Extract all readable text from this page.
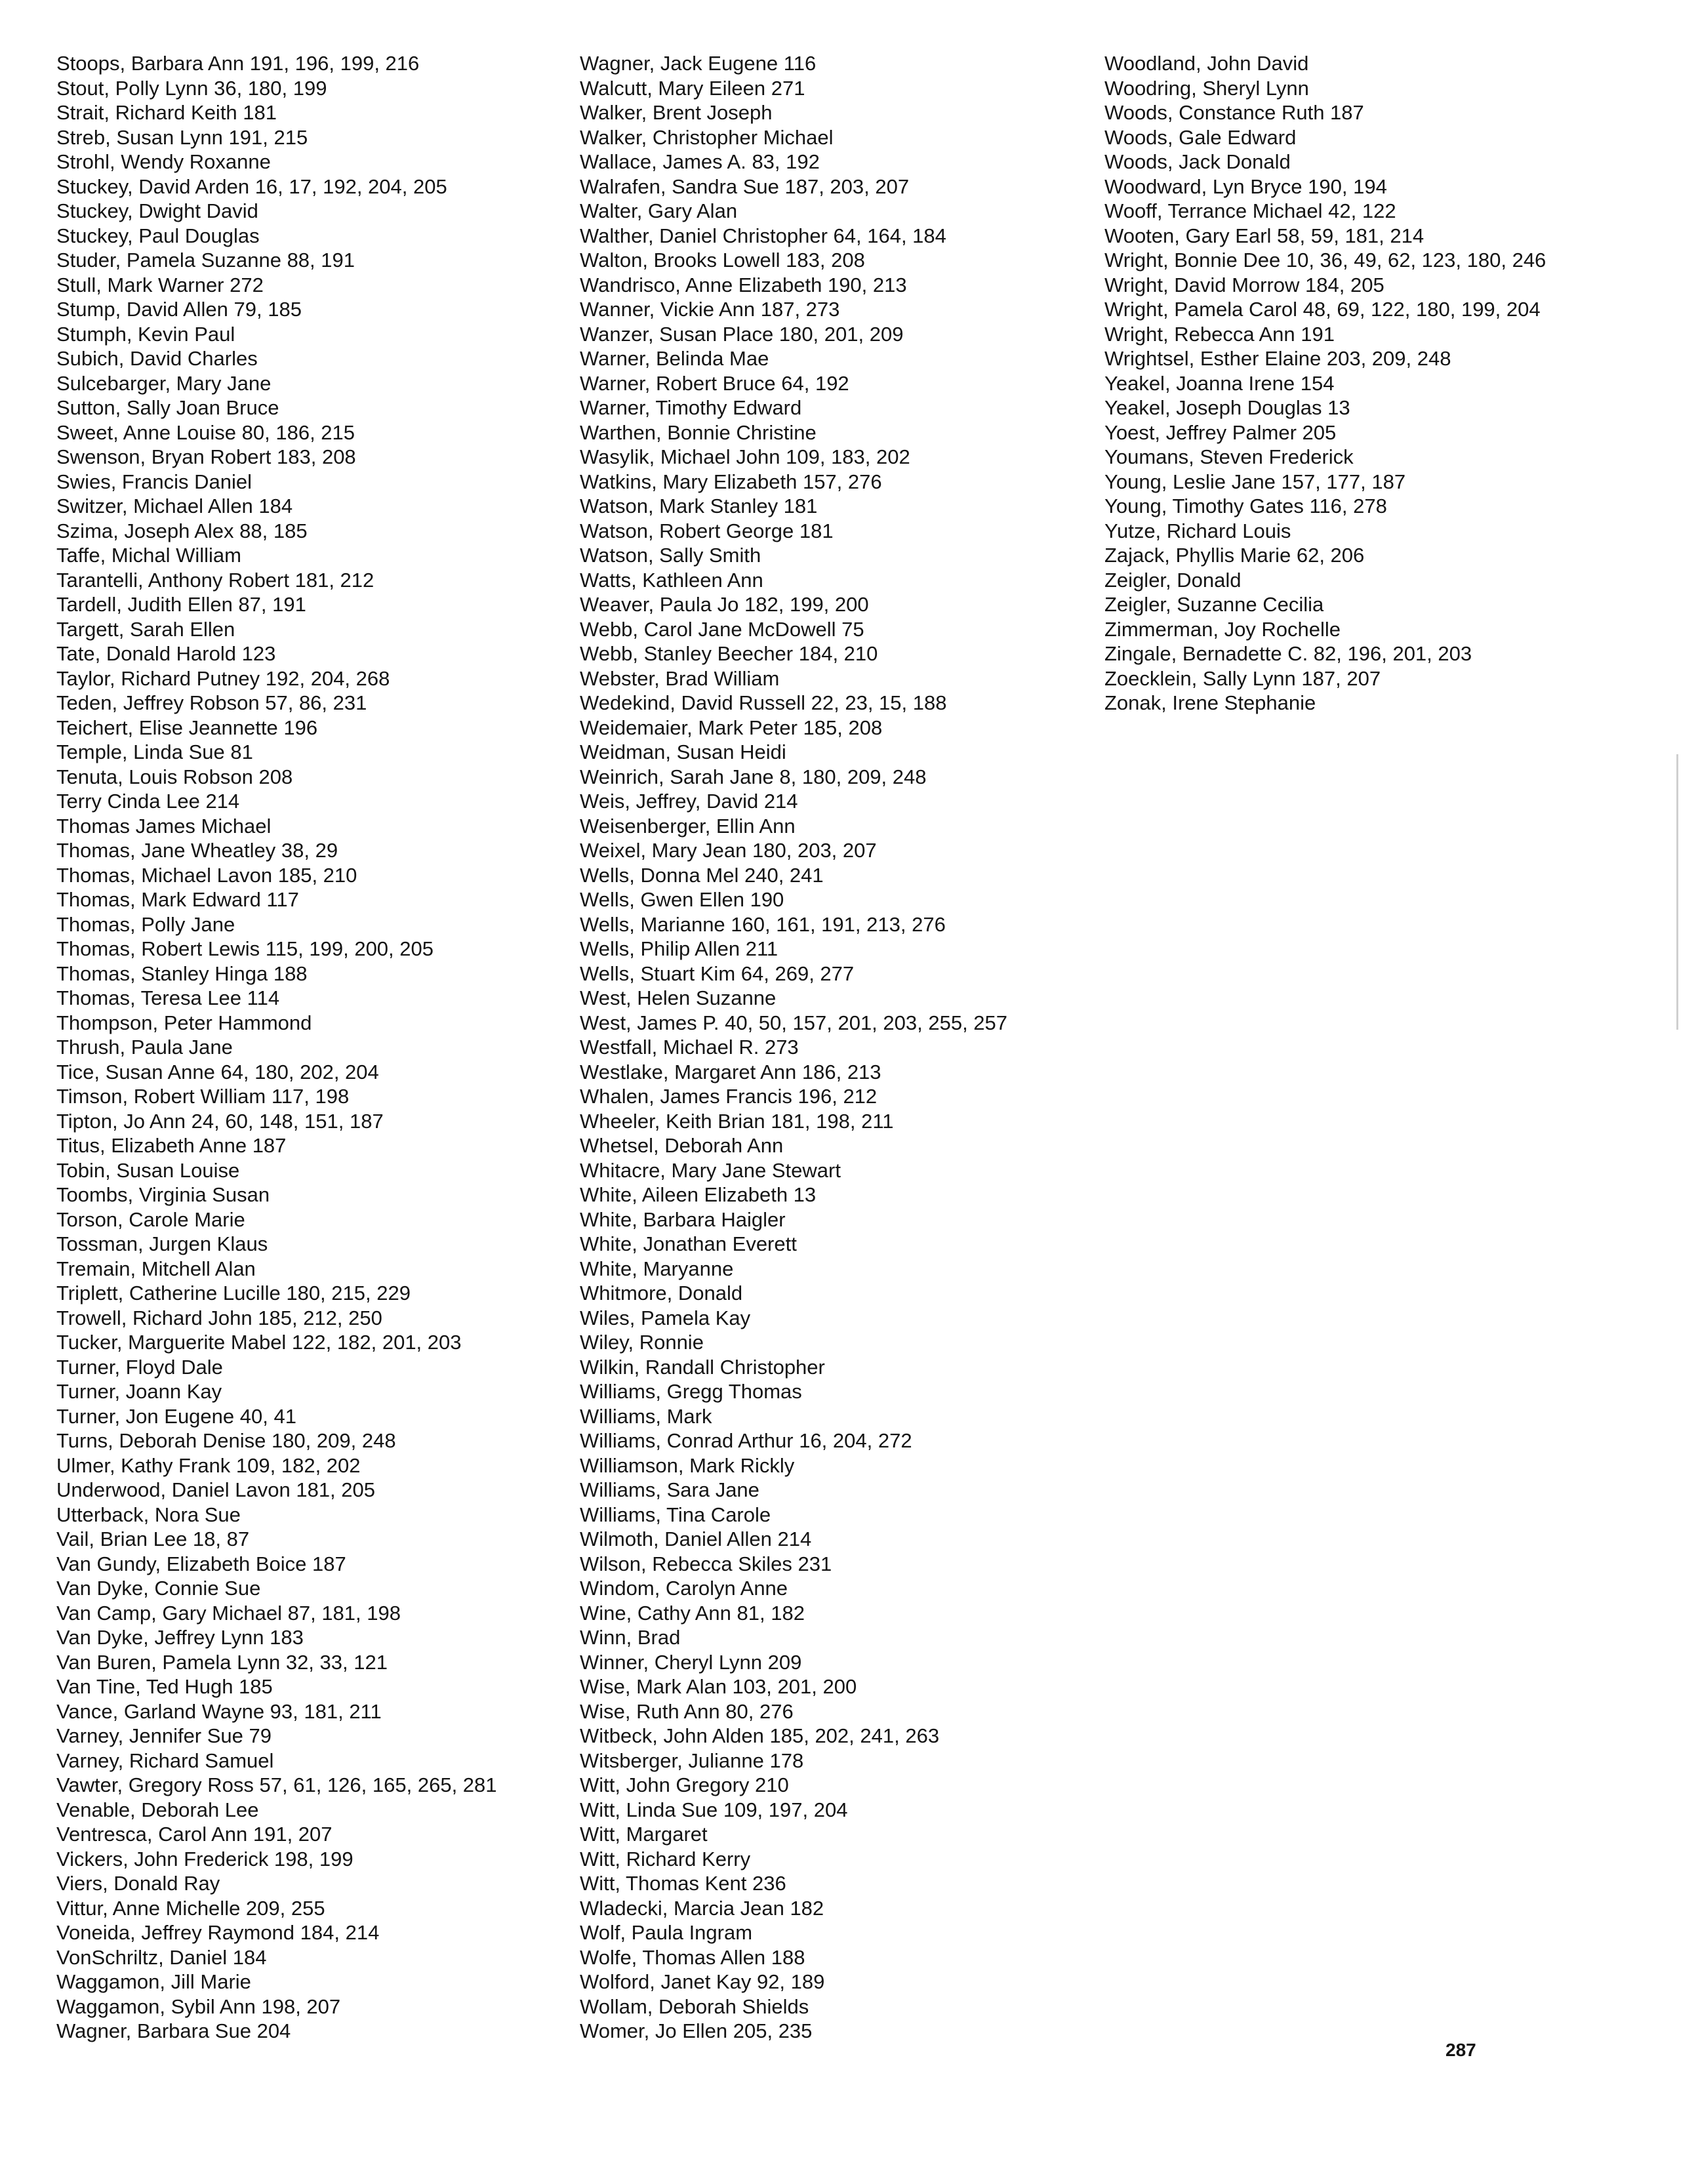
Stoops, Barbara Ann 191, 196, 199, 216
Stout, Polly Lynn 36, 180, 199
Strait, Richard Keith 181
Streb, Susan Lynn 191, 215
Strohl, Wendy Roxanne
Stuckey, David Arden 16, 17, 192, 204, 205
Stuckey, Dwight David
Stuckey, Paul Douglas
Studer, Pamela Suzanne 88, 191
Stull, Mark Warner 272
Stump, David Allen 79, 185
Stumph, Kevin Paul
Subich, David Charles
Sulcebarger, Mary Jane
Sutton, Sally Joan Bruce
Sweet, Anne Louise 80, 186, 215
Swenson, Bryan Robert 183, 208
Swies, Francis Daniel
Switzer, Michael Allen 184
Szima, Joseph Alex 88, 185
Taffe, Michal William
Tarantelli, Anthony Robert 181, 212
Tardell, Judith Ellen 87, 191
Targett, Sarah Ellen
Tate, Donald Harold 123
Taylor, Richard Putney 192, 204, 268
Teden, Jeffrey Robson 57, 86, 231
Teichert, Elise Jeannette 196
Temple, Linda Sue 81
Tenuta, Louis Robson 208
Terry Cinda Lee 214
Thomas James Michael
Thomas, Jane Wheatley 38, 29
Thomas, Michael Lavon 185, 210
Thomas, Mark Edward 117
Thomas, Polly Jane
Thomas, Robert Lewis 115, 199, 200, 205
Thomas, Stanley Hinga 188
Thomas, Teresa Lee 114
Thompson, Peter Hammond
Thrush, Paula Jane
Tice, Susan Anne 64, 180, 202, 204
Timson, Robert William 117, 198
Tipton, Jo Ann 24, 60, 148, 151, 187
Titus, Elizabeth Anne 187
Tobin, Susan Louise
Toombs, Virginia Susan
Torson, Carole Marie
Tossman, Jurgen Klaus
Tremain, Mitchell Alan
Triplett, Catherine Lucille 180, 215, 229
Trowell, Richard John 185, 212, 250
Tucker, Marguerite Mabel 122, 182, 201, 203
Turner, Floyd Dale
Turner, Joann Kay
Turner, Jon Eugene 40, 41
Turns, Deborah Denise 180, 209, 248
Ulmer, Kathy Frank 109, 182, 202
Underwood, Daniel Lavon 181, 205
Utterback, Nora Sue
Vail, Brian Lee 18, 87
Van Gundy, Elizabeth Boice 187
Van Dyke, Connie Sue
Van Camp, Gary Michael 87, 181, 198
Van Dyke, Jeffrey Lynn 183
Van Buren, Pamela Lynn 32, 33, 121
Van Tine, Ted Hugh 185
Vance, Garland Wayne 93, 181, 211
Varney, Jennifer Sue 79
Varney, Richard Samuel
Vawter, Gregory Ross 57, 61, 126, 165, 265, 281
Venable, Deborah Lee
Ventresca, Carol Ann 191, 207
Vickers, John Frederick 198, 199
Viers, Donald Ray
Vittur, Anne Michelle 209, 255
Voneida, Jeffrey Raymond 184, 214
VonSchriltz, Daniel 184
Waggamon, Jill Marie
Waggamon, Sybil Ann 198, 207
Wagner, Barbara Sue 204
Wagner, Jack Eugene 116
Walcutt, Mary Eileen 271
Walker, Brent Joseph
Walker, Christopher Michael
Wallace, James A. 83, 192
Walrafen, Sandra Sue 187, 203, 207
Walter, Gary Alan
Walther, Daniel Christopher 64, 164, 184
Walton, Brooks Lowell 183, 208
Wandrisco, Anne Elizabeth 190, 213
Wanner, Vickie Ann 187, 273
Wanzer, Susan Place 180, 201, 209
Warner, Belinda Mae
Warner, Robert Bruce 64, 192
Warner, Timothy Edward
Warthen, Bonnie Christine
Wasylik, Michael John 109, 183, 202
Watkins, Mary Elizabeth 157, 276
Watson, Mark Stanley 181
Watson, Robert George 181
Watson, Sally Smith
Watts, Kathleen Ann
Weaver, Paula Jo 182, 199, 200
Webb, Carol Jane McDowell 75
Webb, Stanley Beecher 184, 210
Webster, Brad William
Wedekind, David Russell 22, 23, 15, 188
Weidemaier, Mark Peter 185, 208
Weidman, Susan Heidi
Weinrich, Sarah Jane 8, 180, 209, 248
Weis, Jeffrey, David 214
Weisenberger, Ellin Ann
Weixel, Mary Jean 180, 203, 207
Wells, Donna Mel 240, 241
Wells, Gwen Ellen 190
Wells, Marianne 160, 161, 191, 213, 276
Wells, Philip Allen 211
Wells, Stuart Kim 64, 269, 277
West, Helen Suzanne
West, James P. 40, 50, 157, 201, 203, 255, 257
Westfall, Michael R. 273
Westlake, Margaret Ann 186, 213
Whalen, James Francis 196, 212
Wheeler, Keith Brian 181, 198, 211
Whetsel, Deborah Ann
Whitacre, Mary Jane Stewart
White, Aileen Elizabeth 13
White, Barbara Haigler
White, Jonathan Everett
White, Maryanne
Whitmore, Donald
Wiles, Pamela Kay
Wiley, Ronnie
Wilkin, Randall Christopher
Williams, Gregg Thomas
Williams, Mark
Williams, Conrad Arthur 16, 204, 272
Williamson, Mark Rickly
Williams, Sara Jane
Williams, Tina Carole
Wilmoth, Daniel Allen 214
Wilson, Rebecca Skiles 231
Windom, Carolyn Anne
Wine, Cathy Ann 81, 182
Winn, Brad
Winner, Cheryl Lynn 209
Wise, Mark Alan 103, 201, 200
Wise, Ruth Ann 80, 276
Witbeck, John Alden 185, 202, 241, 263
Witsberger, Julianne 178
Witt, John Gregory 210
Witt, Linda Sue 109, 197, 204
Witt, Margaret
Witt, Richard Kerry
Witt, Thomas Kent 236
Wladecki, Marcia Jean 182
Wolf, Paula Ingram
Wolfe, Thomas Allen 188
Wolford, Janet Kay 92, 189
Wollam, Deborah Shields
Womer, Jo Ellen 205, 235
Woodland, John David
Woodring, Sheryl Lynn
Woods, Constance Ruth 187
Woods, Gale Edward
Woods, Jack Donald
Woodward, Lyn Bryce 190, 194
Wooff, Terrance Michael 42, 122
Wooten, Gary Earl 58, 59, 181, 214
Wright, Bonnie Dee 10, 36, 49, 62, 123, 180, 246
Wright, David Morrow 184, 205
Wright, Pamela Carol 48, 69, 122, 180, 199, 204
Wright, Rebecca Ann 191
Wrightsel, Esther Elaine 203, 209, 248
Yeakel, Joanna Irene 154
Yeakel, Joseph Douglas 13
Yoest, Jeffrey Palmer 205
Youmans, Steven Frederick
Young, Leslie Jane 157, 177, 187
Young, Timothy Gates 116, 278
Yutze, Richard Louis
Zajack, Phyllis Marie 62, 206
Zeigler, Donald
Zeigler, Suzanne Cecilia
Zimmerman, Joy Rochelle
Zingale, Bernadette C. 82, 196, 201, 203
Zoecklein, Sally Lynn 187, 207
Zonak, Irene Stephanie
287
